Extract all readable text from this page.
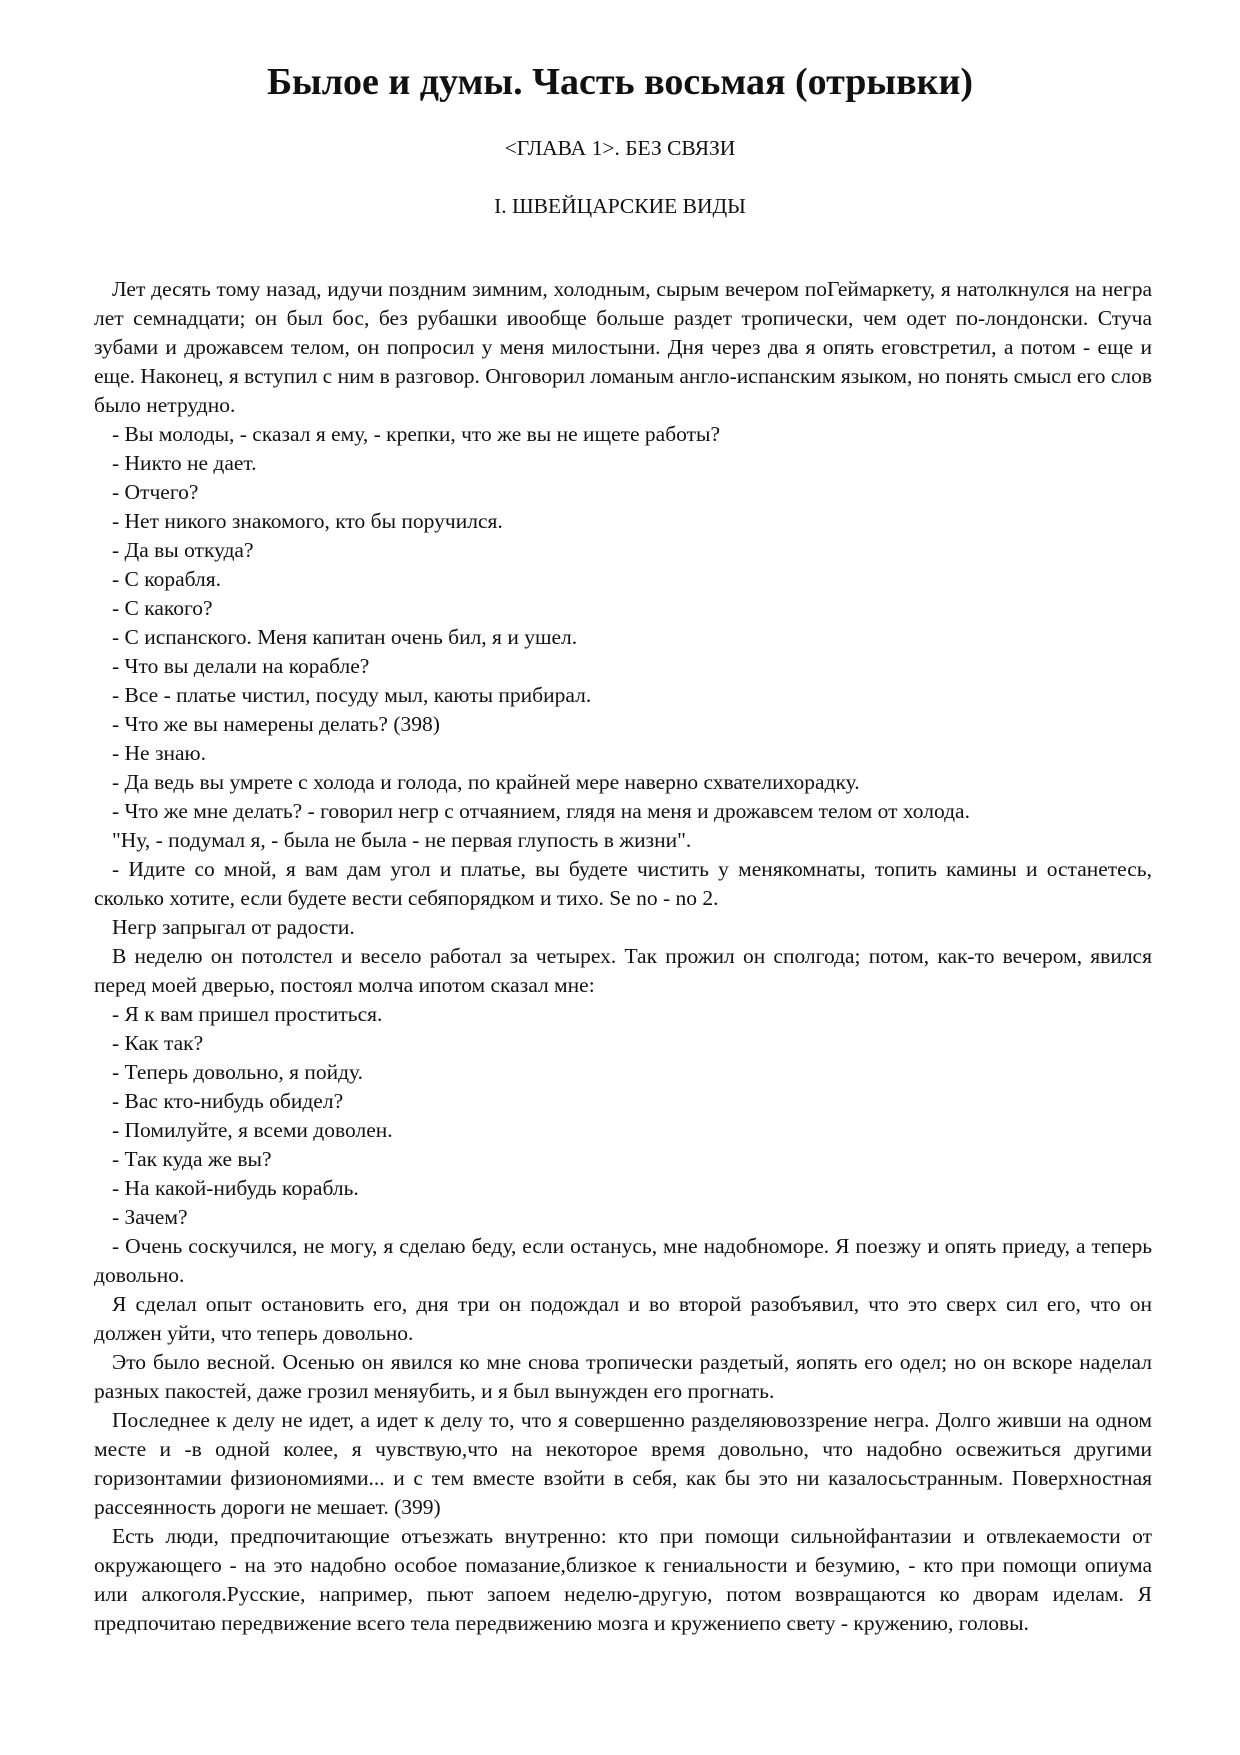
Былое и думы. Часть восьмая (отрывки)
<ГЛАВА 1>. БЕЗ СВЯЗИ
I. ШВЕЙЦАРСКИЕ ВИДЫ

Лет десять тому назад, идучи поздним зимним, холодным, сырым вечером поГеймаркету, я натолкнулся на негра лет семнадцати; он был бос, без рубашки ивообще больше раздет тропически, чем одет по-лондонски. Стуча зубами и дрожавсем телом, он попросил у меня милостыни. Дня через два я опять еговстретил, а потом - еще и еще. Наконец, я вступил с ним в разговор. Онговорил ломаным англо-испанским языком, но понять смысл его слов было нетрудно.

- Вы молоды, - сказал я ему, - крепки, что же вы не ищете работы?

- Никто не дает.

- Отчего?

- Нет никого знакомого, кто бы поручился.

- Да вы откуда?

- С корабля.

- С какого?

- С испанского. Меня капитан очень бил, я и ушел.

- Что вы делали на корабле?

- Все - платье чистил, посуду мыл, каюты прибирал.

- Что же вы намерены делать? (398)

- Не знаю.

- Да ведь вы умрете с холода и голода, по крайней мере наверно схвателихорадку.

- Что же мне делать? - говорил негр с отчаянием, глядя на меня и дрожавсем телом от холода.

"Ну, - подумал я, - была не была - не первая глупость в жизни".

- Идите со мной, я вам дам угол и платье, вы будете чистить у менякомнаты, топить камины и останетесь, сколько хотите, если будете вести себяпорядком и тихо. Se no - no 2.

Негр запрыгал от радости.

В неделю он потолстел и весело работал за четырех. Так прожил он сполгода; потом, как-то вечером, явился перед моей дверью, постоял молча ипотом сказал мне:

- Я к вам пришел проститься.

- Как так?

- Теперь довольно, я пойду.

- Вас кто-нибудь обидел?

- Помилуйте, я всеми доволен.

- Так куда же вы?

- На какой-нибудь корабль.

- Зачем?

- Очень соскучился, не могу, я сделаю беду, если останусь, мне надобноморе. Я поезжу и опять приеду, а теперь довольно.

Я сделал опыт остановить его, дня три он подождал и во второй разобъявил, что это сверх сил его, что он должен уйти, что теперь довольно.

Это было весной. Осенью он явился ко мне снова тропически раздетый, яопять его одел; но он вскоре наделал разных пакостей, даже грозил меняубить, и я был вынужден его прогнать.

Последнее к делу не идет, а идет к делу то, что я совершенно разделяювоззрение негра. Долго живши на одном месте и -в одной колее, я чувствую,что на некоторое время довольно, что надобно освежиться другими горизонтамии физиономиями... и с тем вместе взойти в себя, как бы это ни казалосьстранным. Поверхностная рассеянность дороги не мешает. (399)

Есть люди, предпочитающие отъезжать внутренно: кто при помощи сильнойфантазии и отвлекаемости от окружающего - на это надобно особое помазание,близкое к гениальности и безумию, - кто при помощи опиума или алкоголя.Русские, например, пьют запоем неделю-другую, потом возвращаются ко дворам иделам. Я предпочитаю передвижение всего тела передвижению мозга и кружениепо свету - кружению, головы.
